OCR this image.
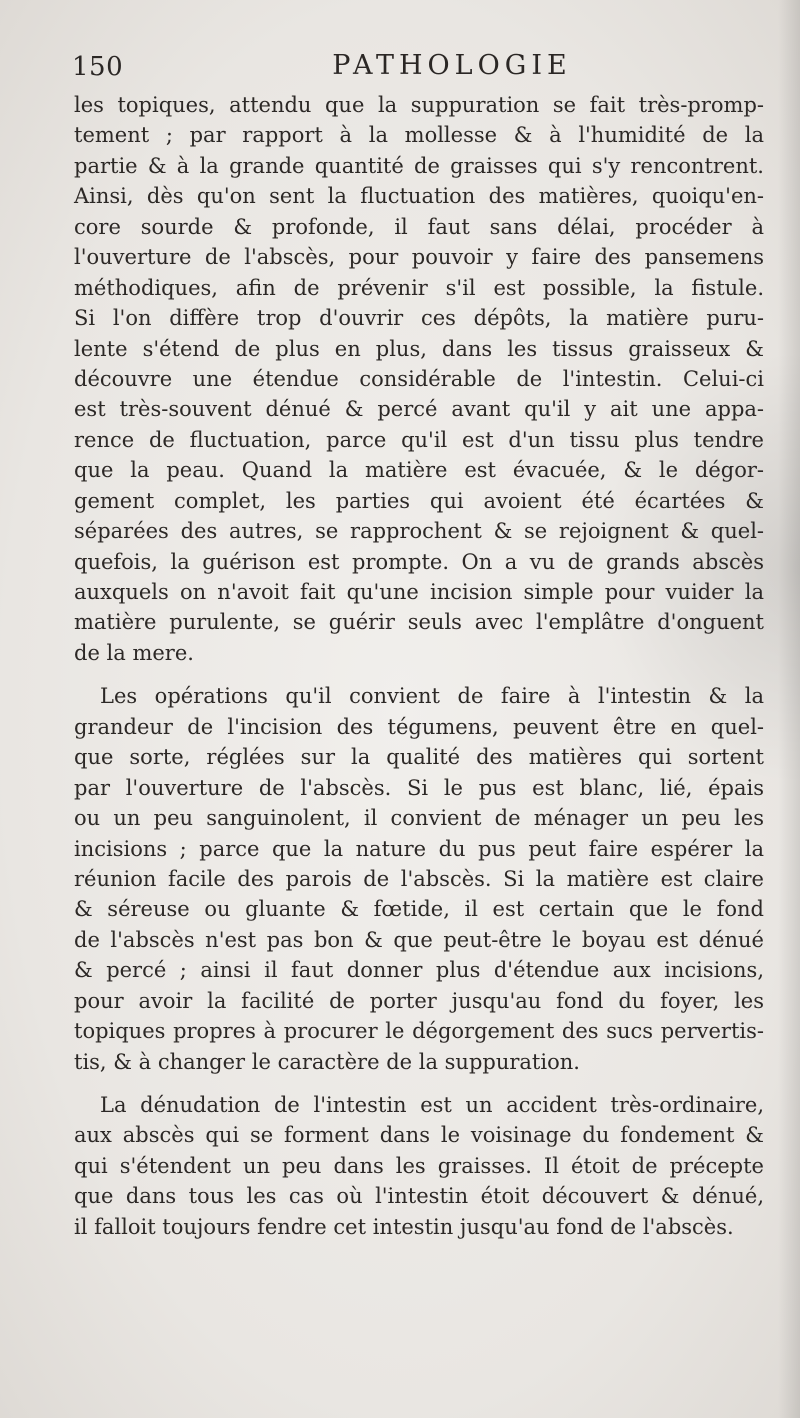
150	PATHOLOGIE
les topiques, attendu que la suppuration se fait très-promp-
tement ; par rapport à la mollesse & à l'humidité de la
partie & à la grande quantité de graisses qui s'y rencontrent.
Ainsi, dès qu'on sent la fluctuation des matières, quoiqu'en-
core sourde & profonde, il faut sans délai, procéder à
l'ouverture de l'abscès, pour pouvoir y faire des pansemens
méthodiques, afin de prévenir s'il est possible, la fistule.
Si l'on diffère trop d'ouvrir ces dépôts, la matière puru-
lente s'étend de plus en plus, dans les tissus graisseux &
découvre une étendue considérable de l'intestin. Celui-ci
est très-souvent dénué & percé avant qu'il y ait une appa-
rence de fluctuation, parce qu'il est d'un tissu plus tendre
que la peau. Quand la matière est évacuée, & le dégor-
gement complet, les parties qui avoient été écartées &
séparées des autres, se rapprochent & se rejoignent & quel-
quefois, la guérison est prompte. On a vu de grands abscès
auxquels on n'avoit fait qu'une incision simple pour vuider la
matière purulente, se guérir seuls avec l'emplâtre d'onguent
de la mere.
Les opérations qu'il convient de faire à l'intestin & la
grandeur de l'incision des tégumens, peuvent être en quel-
que sorte, réglées sur la qualité des matières qui sortent
par l'ouverture de l'abscès. Si le pus est blanc, lié, épais
ou un peu sanguinolent, il convient de ménager un peu les
incisions ; parce que la nature du pus peut faire espérer la
réunion facile des parois de l'abscès. Si la matière est claire
& séreuse ou gluante & fœtide, il est certain que le fond
de l'abscès n'est pas bon & que peut-être le boyau est dénué
& percé ; ainsi il faut donner plus d'étendue aux incisions,
pour avoir la facilité de porter jusqu'au fond du foyer, les
topiques propres à procurer le dégorgement des sucs pervertis-
tis, & à changer le caractère de la suppuration.
La dénudation de l'intestin est un accident très-ordinaire,
aux abscès qui se forment dans le voisinage du fondement &
qui s'étendent un peu dans les graisses. Il étoit de précepte
que dans tous les cas où l'intestin étoit découvert & dénué,
il falloit toujours fendre cet intestin jusqu'au fond de l'abscès.
